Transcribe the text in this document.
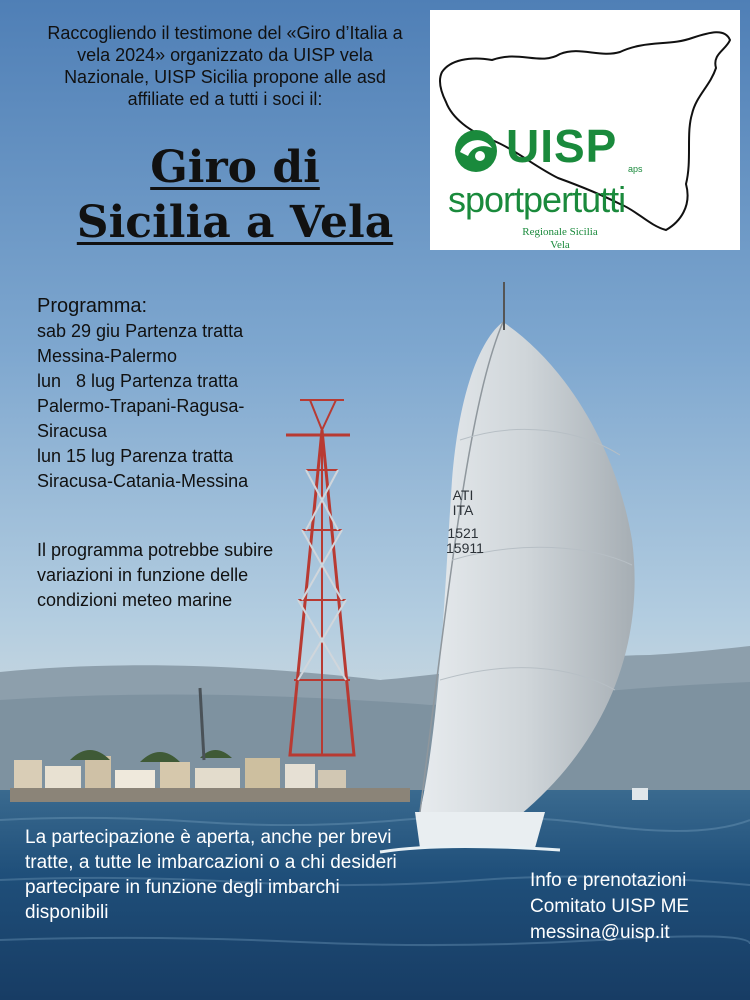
ATI
ITA
1521
15911
Raccogliendo il testimone del «Giro d’Italia a vela 2024» organizzato da UISP vela Nazionale, UISP Sicilia propone alle asd affiliate ed a tutti i soci il:
Giro di
Sicilia a Vela
UISP aps
sportpertutti
Regionale Sicilia
Vela
Programma:
sab 29 giu Partenza tratta
Messina-Palermo
lun   8 lug Partenza tratta
Palermo-Trapani-Ragusa-
Siracusa
lun 15 lug Parenza tratta
Siracusa-Catania-Messina
Il programma potrebbe subire variazioni in funzione delle condizioni meteo marine
La partecipazione è aperta, anche per brevi tratte, a tutte le imbarcazioni o a chi desideri partecipare in funzione degli imbarchi disponibili
Info e prenotazioni
Comitato UISP ME
messina@uisp.it
